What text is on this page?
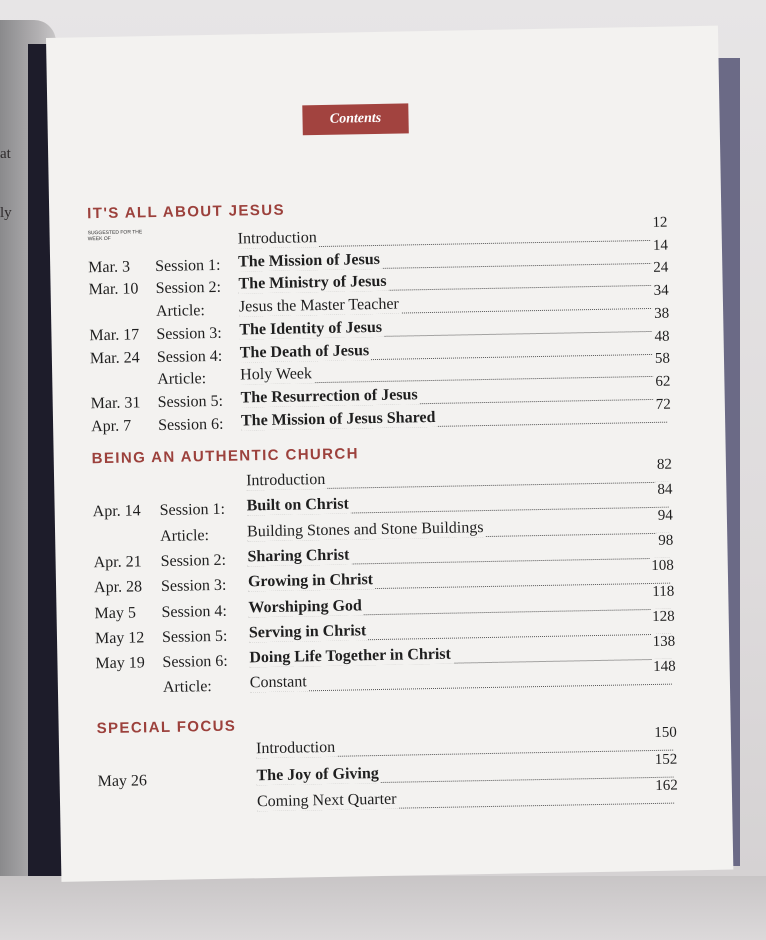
at
ly
Contents
IT'S ALL ABOUT JESUS
SUGGESTED FOR THE WEEK OF	Introduction
12
Mar. 3 Session 1: The Mission of Jesus
14
Mar. 10 Session 2: The Ministry of Jesus
24
Article: Jesus the Master Teacher
34
Mar. 17 Session 3: The Identity of Jesus
38
Mar. 24 Session 4: The Death of Jesus
48
Article: Holy Week
58
Mar. 31 Session 5: The Resurrection of Jesus
62
Apr. 7 Session 6: The Mission of Jesus Shared
72
BEING AN AUTHENTIC CHURCH
Introduction
82
Apr. 14 Session 1: Built on Christ
84
Article: Building Stones and Stone Buildings
94
Apr. 21 Session 2: Sharing Christ
98
Apr. 28 Session 3: Growing in Christ
108
May 5 Session 4: Worshiping God
118
May 12 Session 5: Serving in Christ
128
May 19 Session 6: Doing Life Together in Christ
138
Article: Constant
148
SPECIAL FOCUS
Introduction
150
May 26	The Joy of Giving
152
Coming Next Quarter
162
